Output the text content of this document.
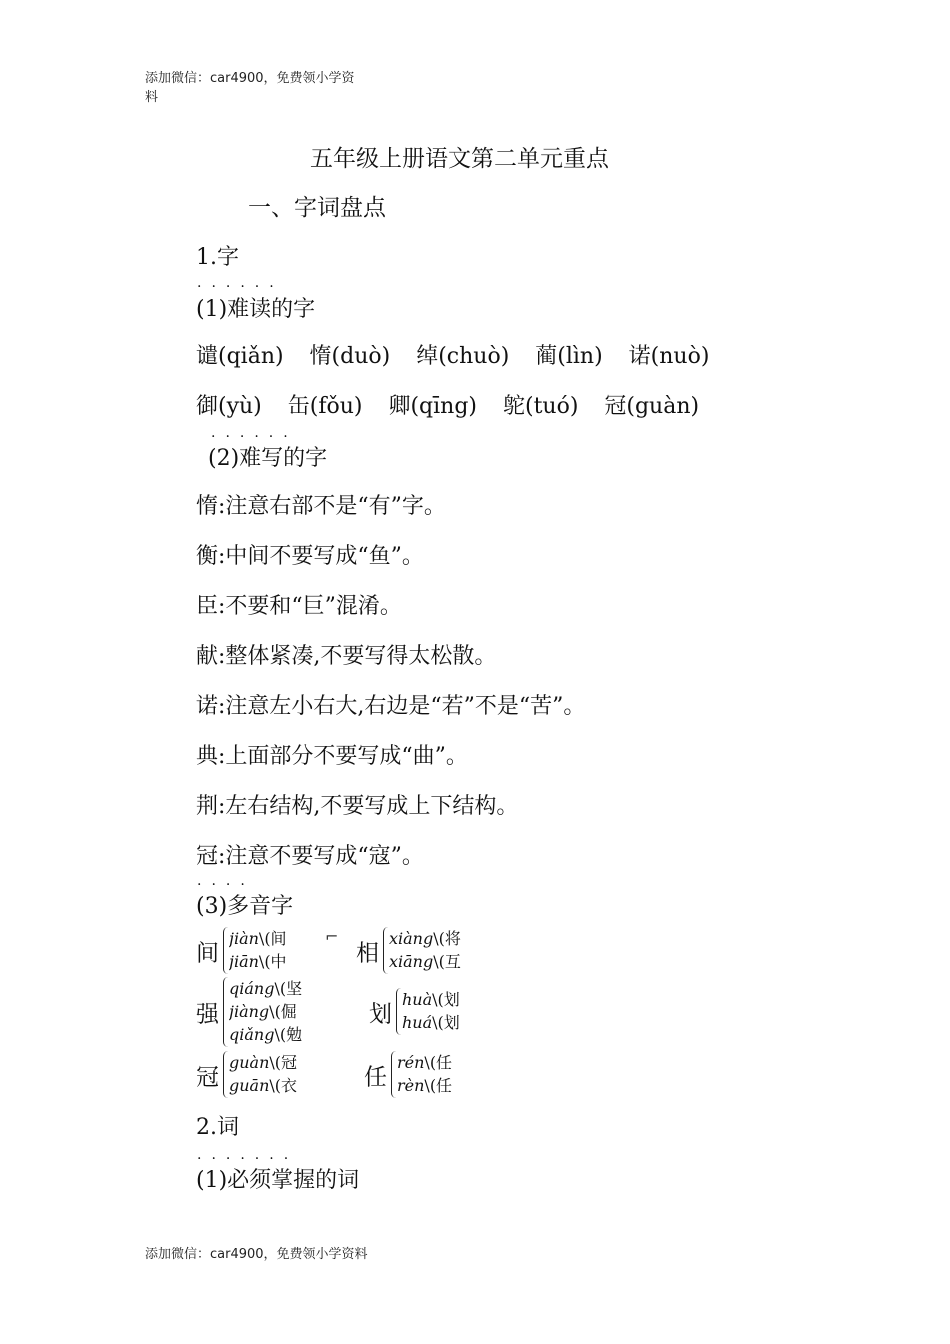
添加微信：car4900，免费领小学资
料
五年级上册语文第二单元重点
一、字词盘点
1.字
......
(1)难读的字
谴(qiǎn)  惰(duò)  绰(chuò)  蔺(lìn)  诺(nuò)
御(yù)  缶(fǒu)  卿(qīng)  鸵(tuó)  冠(guàn)
......
(2)难写的字
惰:注意右部不是“有”字。
衡:中间不要写成“鱼”。
臣:不要和“巨”混淆。
献:整体紧凑,不要写得太松散。
诺:注意左小右大,右边是“若”不是“苦”。
典:上面部分不要写成“曲”。
荆:左右结构,不要写成上下结构。
冠:注意不要写成“寇”。
....
(3)多音字
间
jiàn\(间
jiān\(中
⌐
相
xiàng\(将
xiāng\(互
强
qiáng\(坚
jiàng\(倔
qiǎng\(勉
划
huà\(划
huá\(划
冠
guàn\(冠
guān\(衣	任
rén\(任
rèn\(任
2.词
.......
(1)必须掌握的词
添加微信：car4900，免费领小学资料
